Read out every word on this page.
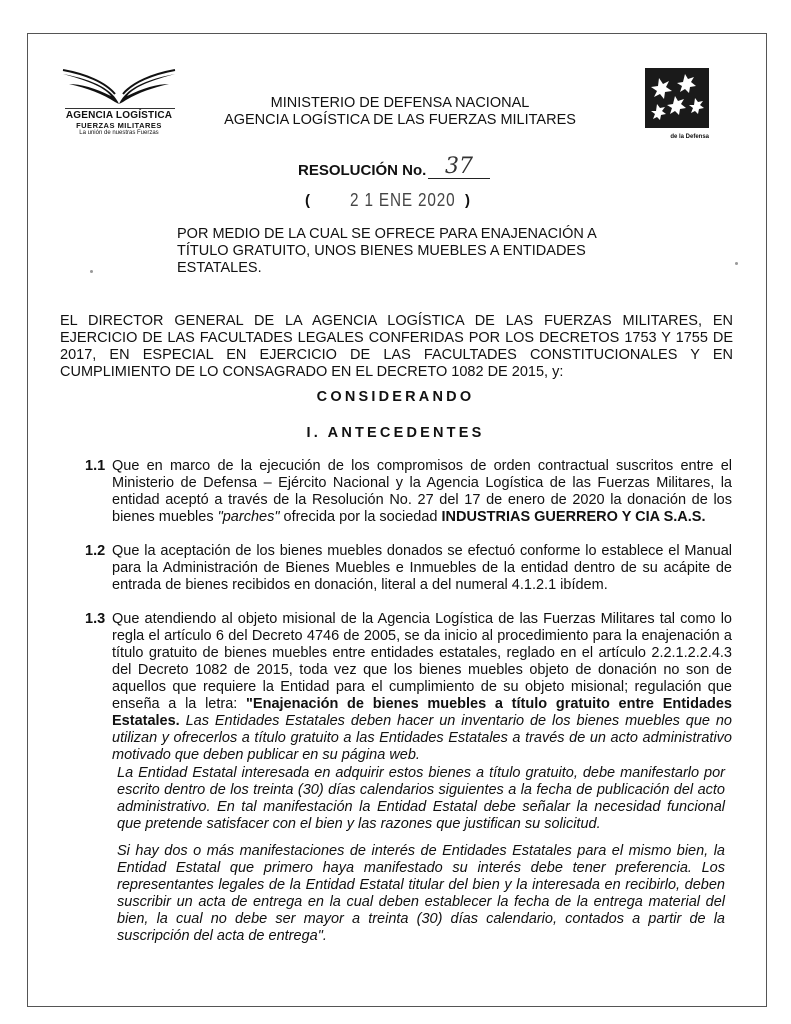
AGENCIA LOGÍSTICA
FUERZAS MILITARES
La unión de nuestras Fuerzas
de la Defensa
MINISTERIO DE DEFENSA NACIONAL
AGENCIA LOGÍSTICA DE LAS FUERZAS MILITARES
RESOLUCIÓN No. 37
( 2 1 ENE 2020 )
POR MEDIO DE LA CUAL SE OFRECE PARA ENAJENACIÓN A TÍTULO GRATUITO, UNOS BIENES MUEBLES A ENTIDADES ESTATALES.
EL DIRECTOR GENERAL DE LA AGENCIA LOGÍSTICA DE LAS FUERZAS MILITARES, EN EJERCICIO DE LAS FACULTADES LEGALES CONFERIDAS POR LOS DECRETOS 1753 Y 1755 DE 2017, EN ESPECIAL EN EJERCICIO DE LAS FACULTADES CONSTITUCIONALES Y EN CUMPLIMIENTO DE LO CONSAGRADO EN EL DECRETO 1082 DE 2015, y:
CONSIDERANDO
I. ANTECEDENTES
1.1 Que en marco de la ejecución de los compromisos de orden contractual suscritos entre el Ministerio de Defensa – Ejército Nacional y la Agencia Logística de las Fuerzas Militares, la entidad aceptó a través de la Resolución No. 27 del 17 de enero de 2020 la donación de los bienes muebles "parches" ofrecida por la sociedad INDUSTRIAS GUERRERO Y CIA S.A.S.
1.2 Que la aceptación de los bienes muebles donados se efectuó conforme lo establece el Manual para la Administración de Bienes Muebles e Inmuebles de la entidad dentro de su acápite de entrada de bienes recibidos en donación, literal a del numeral 4.1.2.1 ibídem.
1.3 Que atendiendo al objeto misional de la Agencia Logística de las Fuerzas Militares tal como lo regla el artículo 6 del Decreto 4746 de 2005, se da inicio al procedimiento para la enajenación a título gratuito de bienes muebles entre entidades estatales, reglado en el artículo 2.2.1.2.2.4.3 del Decreto 1082 de 2015, toda vez que los bienes muebles objeto de donación no son de aquellos que requiere la Entidad para el cumplimiento de su objeto misional; regulación que enseña a la letra: "Enajenación de bienes muebles a título gratuito entre Entidades Estatales. Las Entidades Estatales deben hacer un inventario de los bienes muebles que no utilizan y ofrecerlos a título gratuito a las Entidades Estatales a través de un acto administrativo motivado que deben publicar en su página web.
La Entidad Estatal interesada en adquirir estos bienes a título gratuito, debe manifestarlo por escrito dentro de los treinta (30) días calendarios siguientes a la fecha de publicación del acto administrativo. En tal manifestación la Entidad Estatal debe señalar la necesidad funcional que pretende satisfacer con el bien y las razones que justifican su solicitud.
Si hay dos o más manifestaciones de interés de Entidades Estatales para el mismo bien, la Entidad Estatal que primero haya manifestado su interés debe tener preferencia. Los representantes legales de la Entidad Estatal titular del bien y la interesada en recibirlo, deben suscribir un acta de entrega en la cual deben establecer la fecha de la entrega material del bien, la cual no debe ser mayor a treinta (30) días calendario, contados a partir de la suscripción del acta de entrega".
